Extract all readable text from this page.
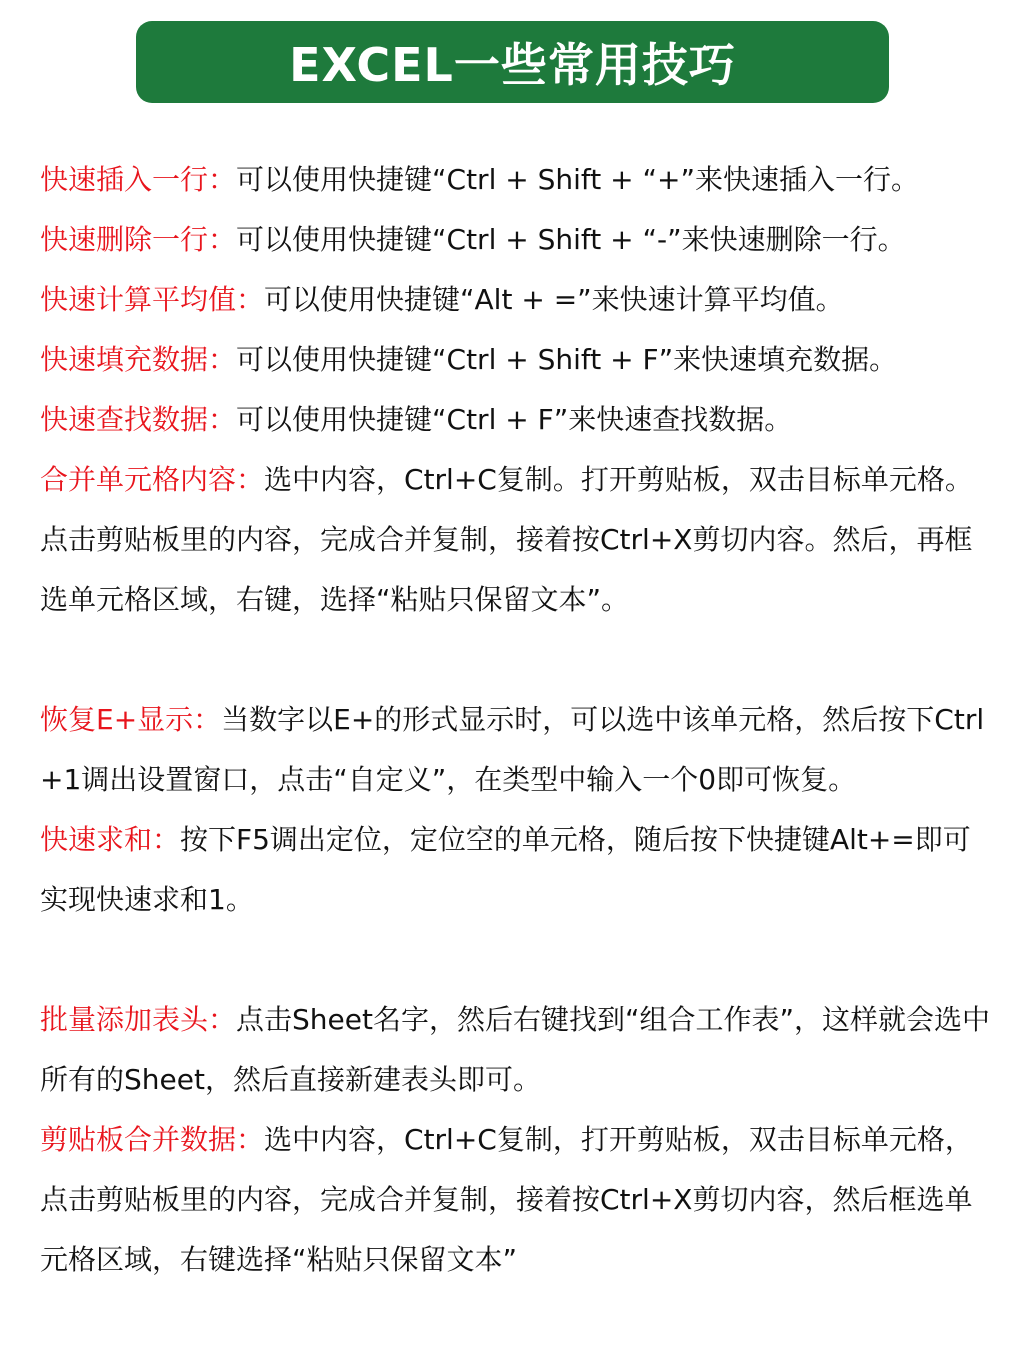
EXCEL一些常用技巧

快速插入一行：可以使用快捷键“Ctrl + Shift + “+”来快速插入一行。

快速删除一行：可以使用快捷键“Ctrl + Shift + “-”来快速删除一行。

快速计算平均值：可以使用快捷键“Alt + =”来快速计算平均值。

快速填充数据：可以使用快捷键“Ctrl + Shift + F”来快速填充数据。

快速查找数据：可以使用快捷键“Ctrl + F”来快速查找数据。

合并单元格内容：选中内容，Ctrl+C复制。打开剪贴板，双击目标单元格。点击剪贴板里的内容，完成合并复制，接着按Ctrl+X剪切内容。然后，再框选单元格区域，右键，选择“粘贴只保留文本”。

恢复E+显示：当数字以E+的形式显示时，可以选中该单元格，然后按下Ctrl+1调出设置窗口，点击“自定义”，在类型中输入一个0即可恢复。

快速求和：按下F5调出定位，定位空的单元格，随后按下快捷键Alt+=即可实现快速求和1。

批量添加表头：点击Sheet名字，然后右键找到“组合工作表”，这样就会选中所有的Sheet，然后直接新建表头即可。

剪贴板合并数据：选中内容，Ctrl+C复制，打开剪贴板，双击目标单元格，点击剪贴板里的内容，完成合并复制，接着按Ctrl+X剪切内容，然后框选单元格区域，右键选择“粘贴只保留文本”
